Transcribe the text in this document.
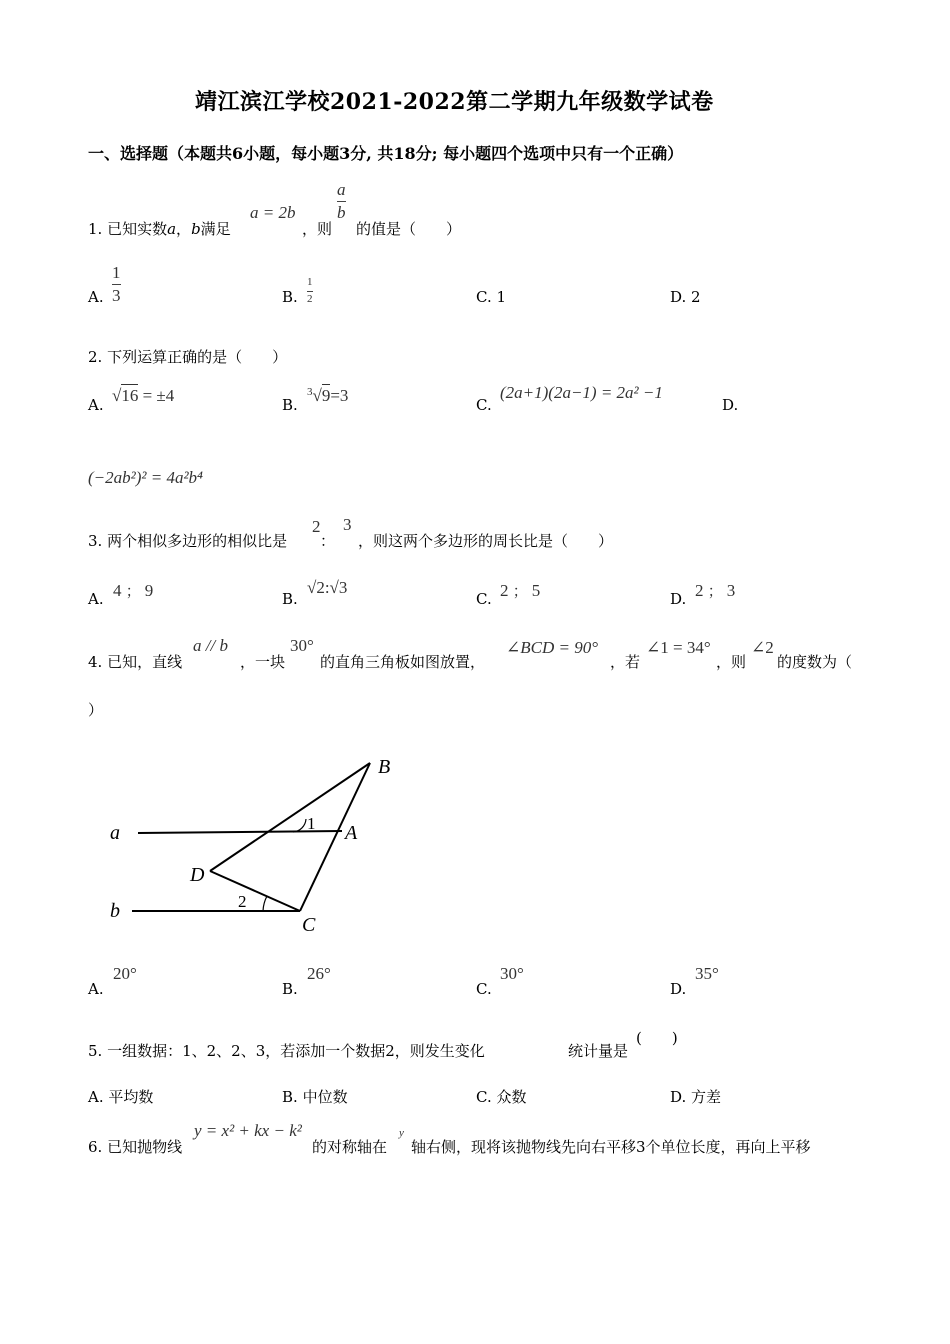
靖江滨江学校2021-2022第二学期九年级数学试卷
一、选择题（本题共6小题，每小题3分, 共18分; 每小题四个选项中只有一个正确）
1. 已知实数a，b满足
a = 2b
，则
$\frac{a}{b}$
的值是（　　）
A. $\frac{1}{3}$	B. $\frac{1}{2}$	C. 1	D. 2
2. 下列运算正确的是（　　）
A. √16 = ±4	B.
$^3$√9=3	C.
(2a+1)(2a−1) = 2a² −1
D.
(−2ab²)² = 4a²b⁴
3. 两个相似多边形的相似比是
2
：
3
，则这两个多边形的周长比是（　　）
A. 4 ； 9	B.
√2:√3
C. 2 ； 5	D. 2 ； 3
4. 已知，直线
a // b
，一块
30°
的直角三角板如图放置，
∠BCD = 90°
，若
∠1 = 34°
，则
∠2
的度数为（
）
B
A
a	1
D
b	2
C
A.
20°
B.
26°
C.
30°
D.
35°
5. 一组数据：1、2、2、3，若添加一个数据2，则发生变化	统计量是
(　　)
A. 平均数	B. 中位数	C. 众数	D. 方差
6. 已知抛物线
y = x² + kx − k²
的对称轴在
y
轴右侧，现将该抛物线先向右平移3个单位长度，再向上平移
